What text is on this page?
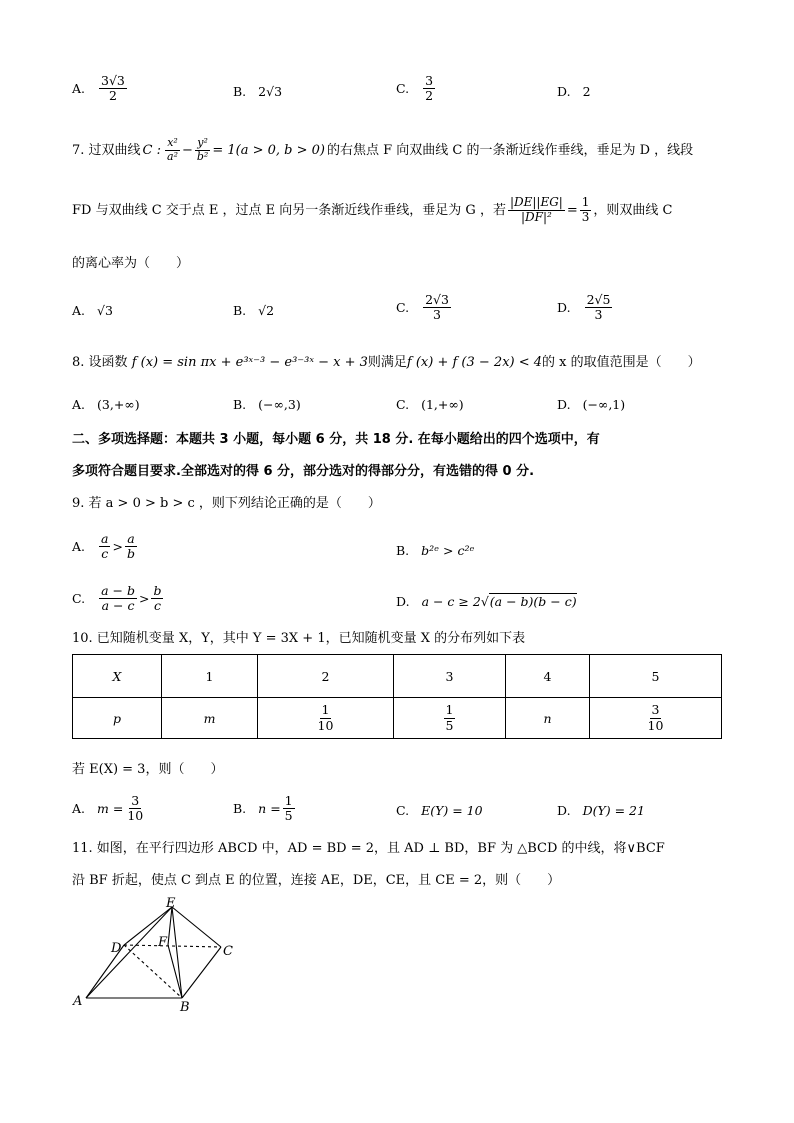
A.
3√3
2	B. 2√3	C.
3
2	D. 2
7. 过双曲线 C :
x²
$a^2 - \frac{\text{y²}}{\text{b²}} = 1(a > 0$, b > 0) 的右焦点 F 向双曲线 C 的一条渐近线作垂线，垂足为 D ，线段
FD 与双曲线 C 交于点 E ，过点 E 向另一条渐近线作垂线，垂足为 G ，若 $\frac{|DE||EG|}{\text{|DF|²}} = \frac{1}{3}$ ，则双曲线 C
的离心率为（　　）
A. √3	B. √2	C.
2√3
3	D.
2√5
3
8. 设函数 f (x) = sin πx + e³ˣ⁻³ − e³⁻³ˣ − x + 3则满足f (x) + f (3 − 2x) < 4的 x 的取值范围是（　　）
A. (3,+∞)	B. (−∞,3)	C. (1,+∞)	D. (−∞,1)
二、多项选择题：本题共 3 小题，每小题 6 分，共 18 分. 在每小题给出的四个选项中，有
多项符合题目要求.全部选对的得 6 分，部分选对的得部分分，有选错的得 0 分.
9. 若 a > 0 > b > c ，则下列结论正确的是（　　）
A.
a
c >
a
b	B. b²ᵉ > c²ᵉ
C.
a − b
a − c >
b
c	D. a − c ≥ 2 √ (a − b)(b − c)
10. 已知随机变量 X，Y，其中 Y = 3X + 1，已知随机变量 X 的分布列如下表
X	1	2	3	4	5
p	m	$\frac{1}{10}$	$\frac{1}{5}$	n	$\frac{3}{10}$
若 E(X) = 3，则（　　）
A. $m = \frac{3}{10}$	B. $n = \frac{1}{5}$	C. E(Y) = 10	D. D(Y) = 21
11. 如图，在平行四边形 ABCD 中，AD = BD = 2，且 AD ⊥ BD，BF 为 △BCD 的中线，将∨BCF
沿 BF 折起，使点 C 到点 E 的位置，连接 AE，DE，CE，且 CE = 2，则（　　）
E
D	F
C
A	B
